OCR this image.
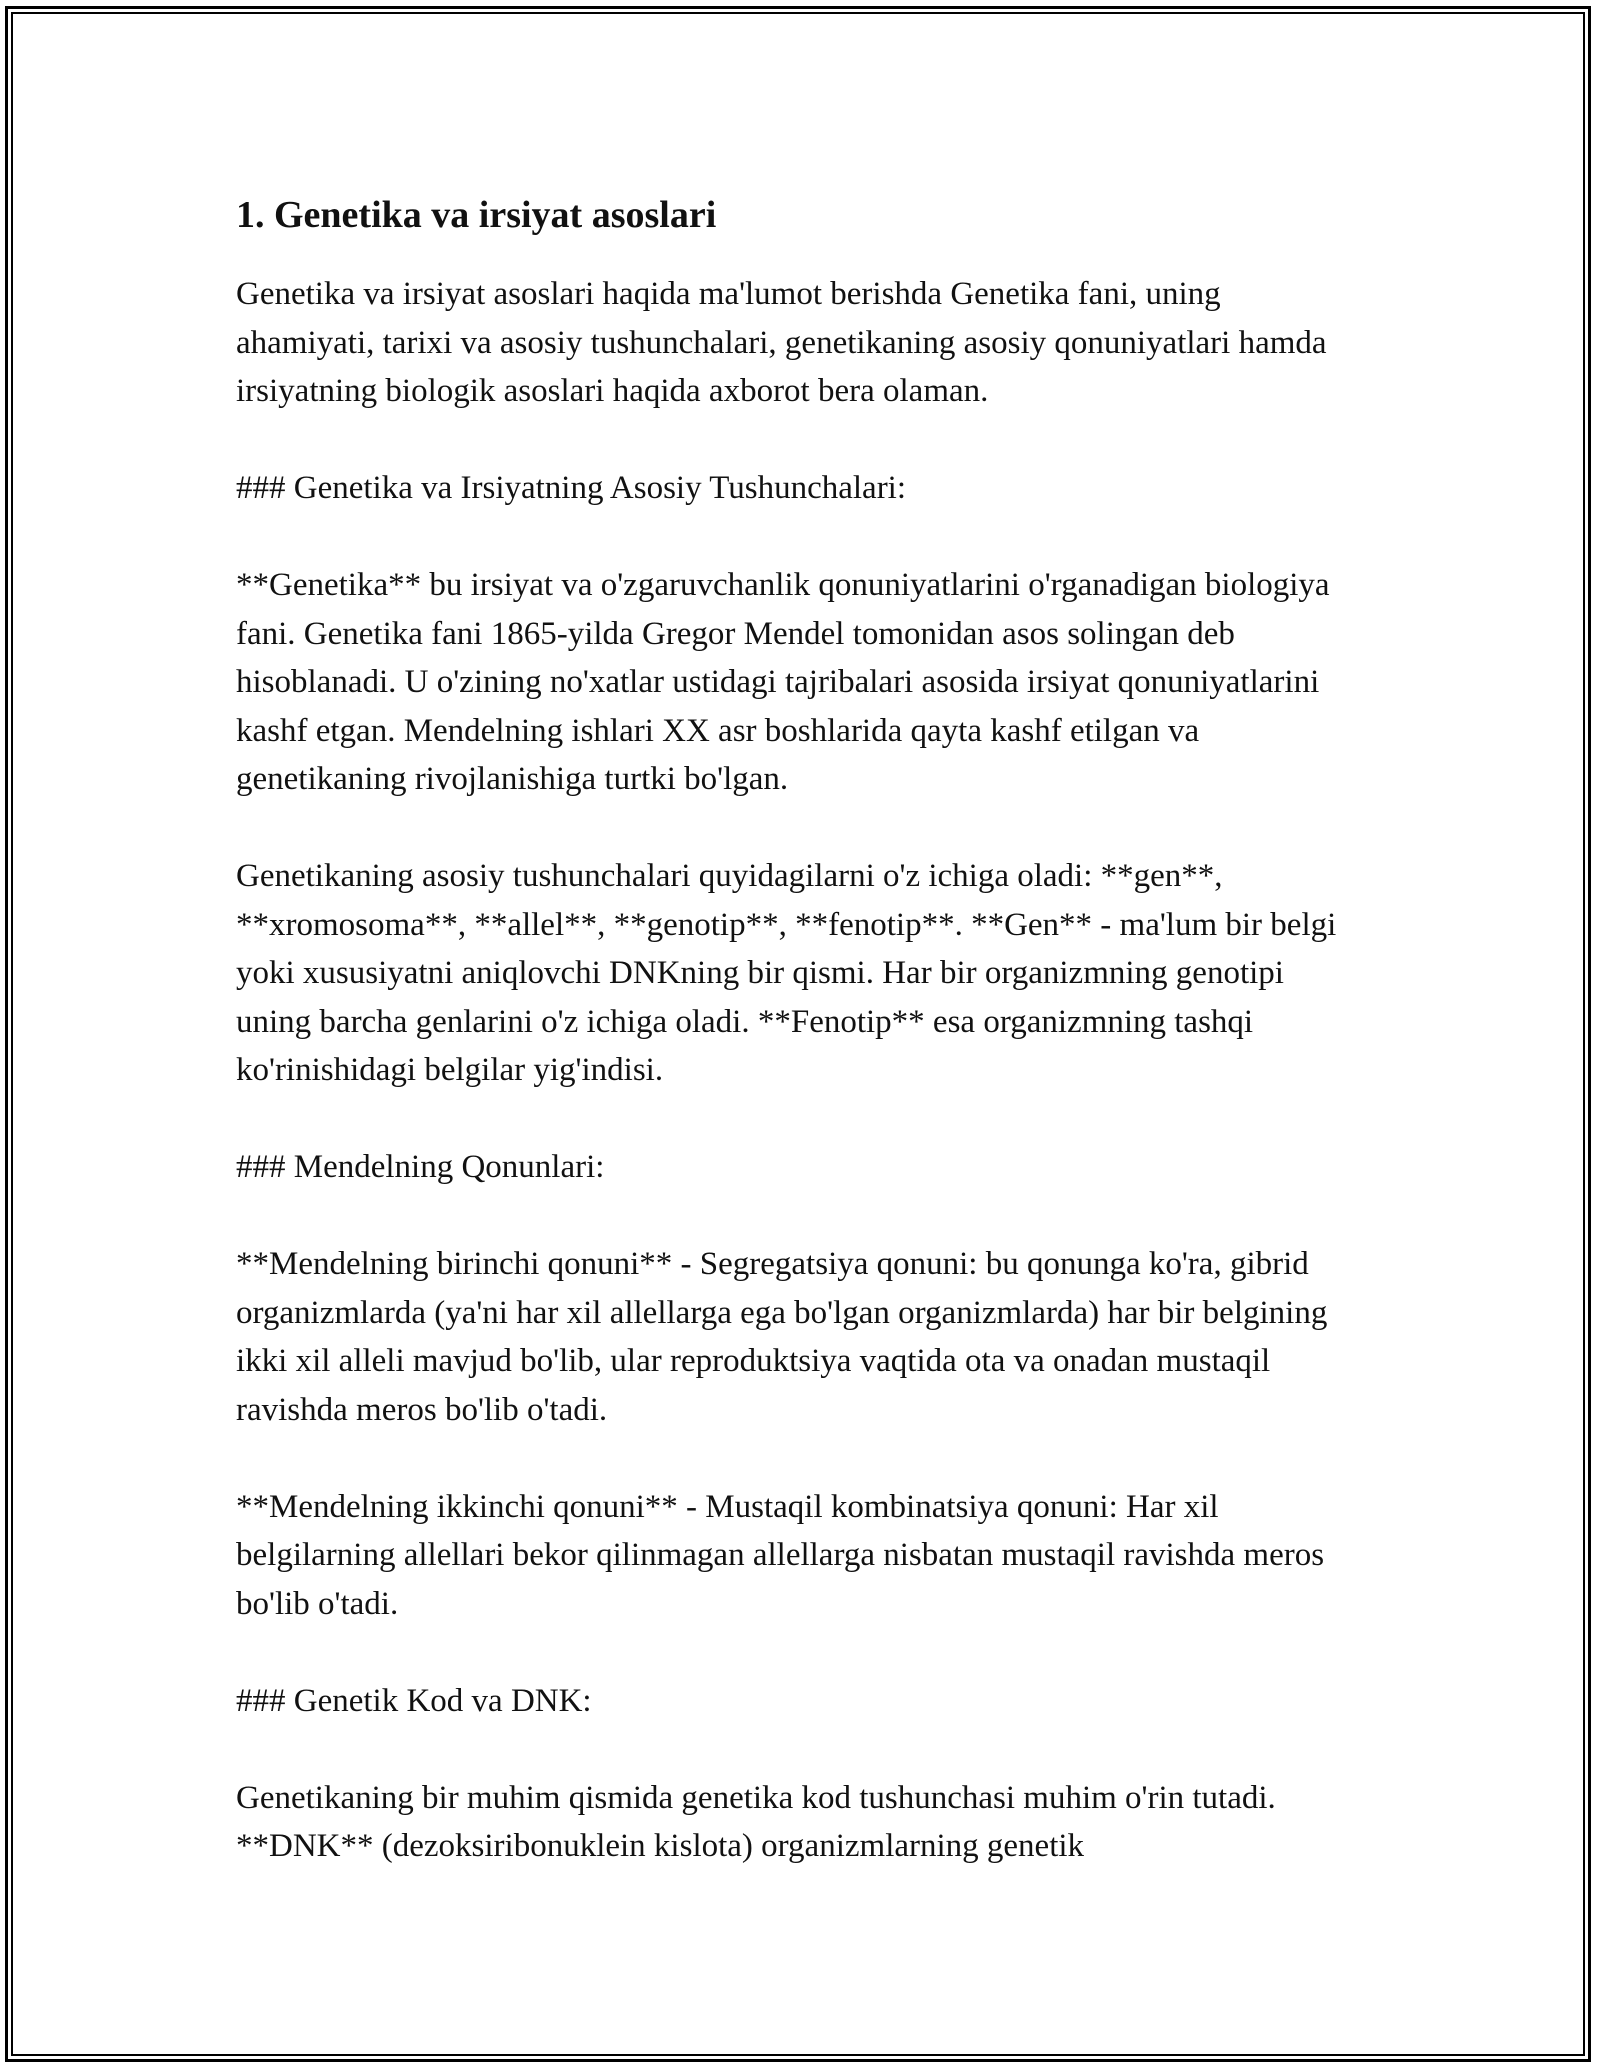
1. Genetika va irsiyat asoslari

Genetika va irsiyat asoslari haqida ma'lumot berishda Genetika fani, uning ahamiyati, tarixi va asosiy tushunchalari, genetikaning asosiy qonuniyatlari hamda irsiyatning biologik asoslari haqida axborot bera olaman.

### Genetika va Irsiyatning Asosiy Tushunchalari:

**Genetika** bu irsiyat va o'zgaruvchanlik qonuniyatlarini o'rganadigan biologiya fani. Genetika fani 1865-yilda Gregor Mendel tomonidan asos solingan deb hisoblanadi. U o'zining no'xatlar ustidagi tajribalari asosida irsiyat qonuniyatlarini kashf etgan. Mendelning ishlari XX asr boshlarida qayta kashf etilgan va genetikaning rivojlanishiga turtki bo'lgan.

Genetikaning asosiy tushunchalari quyidagilarni o'z ichiga oladi: **gen**, **xromosoma**, **allel**, **genotip**, **fenotip**. **Gen** - ma'lum bir belgi yoki xususiyatni aniqlovchi DNKning bir qismi. Har bir organizmning genotipi uning barcha genlarini o'z ichiga oladi. **Fenotip** esa organizmning tashqi ko'rinishidagi belgilar yig'indisi.

### Mendelning Qonunlari:

**Mendelning birinchi qonuni** - Segregatsiya qonuni: bu qonunga ko'ra, gibrid organizmlarda (ya'ni har xil allellarga ega bo'lgan organizmlarda) har bir belgining ikki xil alleli mavjud bo'lib, ular reproduktsiya vaqtida ota va onadan mustaqil ravishda meros bo'lib o'tadi.

**Mendelning ikkinchi qonuni** - Mustaqil kombinatsiya qonuni: Har xil belgilarning allellari bekor qilinmagan allellarga nisbatan mustaqil ravishda meros bo'lib o'tadi.

### Genetik Kod va DNK:

Genetikaning bir muhim qismida genetika kod tushunchasi muhim o'rin tutadi. **DNK** (dezoksiribonuklein kislota) organizmlarning genetik
